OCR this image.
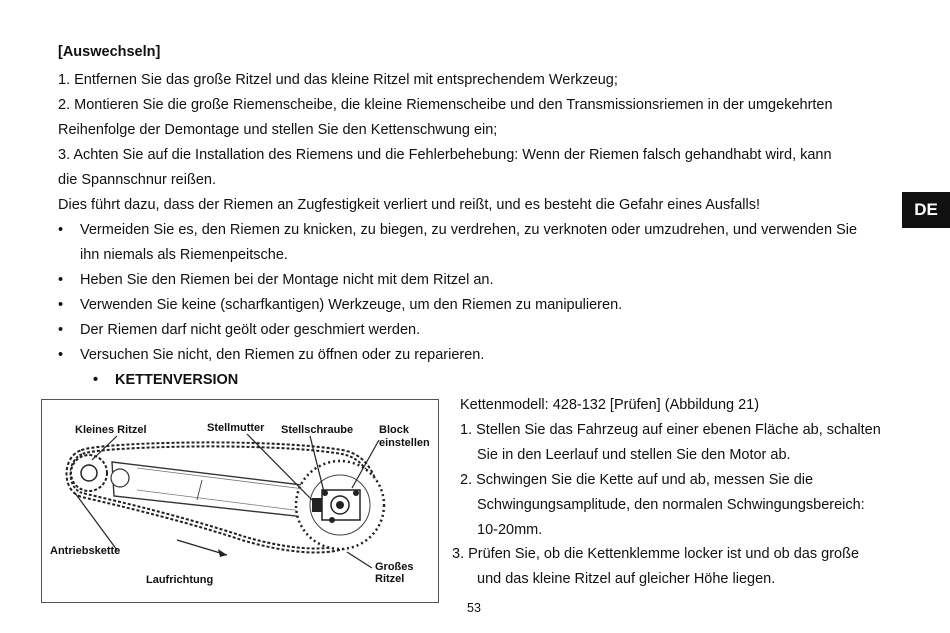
[Auswechseln]
1. Entfernen Sie das große Ritzel und das kleine Ritzel mit entsprechendem Werkzeug;
2. Montieren Sie die große Riemenscheibe, die kleine Riemenscheibe und den Transmissionsriemen in der umgekehrten
Reihenfolge der Demontage und stellen Sie den Kettenschwung ein;
3. Achten Sie auf die Installation des Riemens und die Fehlerbehebung: Wenn der Riemen falsch gehandhabt wird, kann
die Spannschnur reißen.
Dies führt dazu, dass der Riemen an Zugfestigkeit verliert und reißt, und es besteht die Gefahr eines Ausfalls!	DE
• Vermeiden Sie es, den Riemen zu knicken, zu biegen, zu verdrehen, zu verknoten oder umzudrehen, und verwenden Sie
ihn niemals als Riemenpeitsche.
• Heben Sie den Riemen bei der Montage nicht mit dem Ritzel an.
• Verwenden Sie keine (scharfkantigen) Werkzeuge, um den Riemen zu manipulieren.
• Der Riemen darf nicht geölt oder geschmiert werden.
• Versuchen Sie nicht, den Riemen zu öffnen oder zu reparieren.
• KETTENVERSION
Kleines Ritzel	Stellmutter Stellschraube Block
einstellen
Antriebskette
Laufrichtung
Großes
Ritzel
Kettenmodell: 428-132 [Prüfen] (Abbildung 21)
1. Stellen Sie das Fahrzeug auf einer ebenen Fläche ab, schalten
Sie in den Leerlauf und stellen Sie den Motor ab.
2. Schwingen Sie die Kette auf und ab, messen Sie die
Schwingungsamplitude, den normalen Schwingungsbereich:
10-20mm.
3. Prüfen Sie, ob die Kettenklemme locker ist und ob das große
und das kleine Ritzel auf gleicher Höhe liegen.
53
